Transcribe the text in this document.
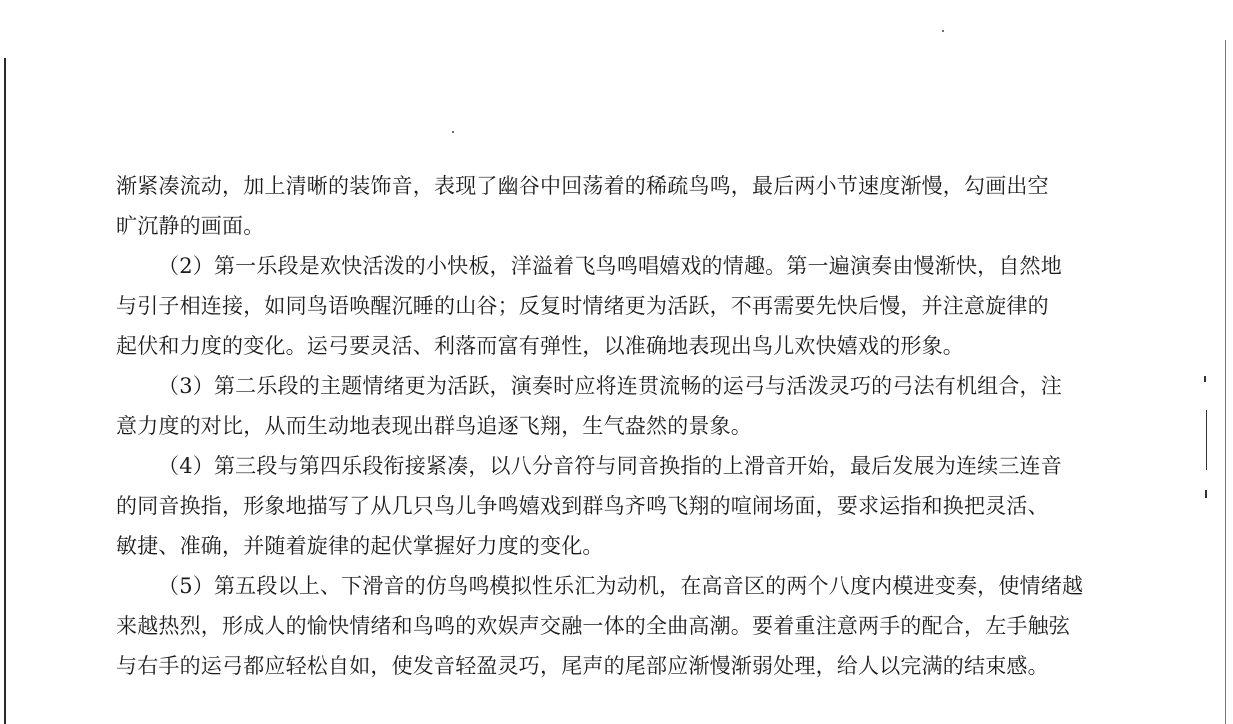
渐紧凑流动，加上清晰的装饰音，表现了幽谷中回荡着的稀疏鸟鸣，最后两小节速度渐慢，勾画出空
旷沉静的画面。
（2）第一乐段是欢快活泼的小快板，洋溢着飞鸟鸣唱嬉戏的情趣。第一遍演奏由慢渐快，自然地
与引子相连接，如同鸟语唤醒沉睡的山谷；反复时情绪更为活跃，不再需要先快后慢，并注意旋律的
起伏和力度的变化。运弓要灵活、利落而富有弹性，以准确地表现出鸟儿欢快嬉戏的形象。
（3）第二乐段的主题情绪更为活跃，演奏时应将连贯流畅的运弓与活泼灵巧的弓法有机组合，注
意力度的对比，从而生动地表现出群鸟追逐飞翔，生气盎然的景象。
（4）第三段与第四乐段衔接紧凑，以八分音符与同音换指的上滑音开始，最后发展为连续三连音
的同音换指，形象地描写了从几只鸟儿争鸣嬉戏到群鸟齐鸣飞翔的喧闹场面，要求运指和换把灵活、
敏捷、准确，并随着旋律的起伏掌握好力度的变化。
（5）第五段以上、下滑音的仿鸟鸣模拟性乐汇为动机，在高音区的两个八度内模进变奏，使情绪越
来越热烈，形成人的愉快情绪和鸟鸣的欢娱声交融一体的全曲高潮。要着重注意两手的配合，左手触弦
与右手的运弓都应轻松自如，使发音轻盈灵巧，尾声的尾部应渐慢渐弱处理，给人以完满的结束感。
